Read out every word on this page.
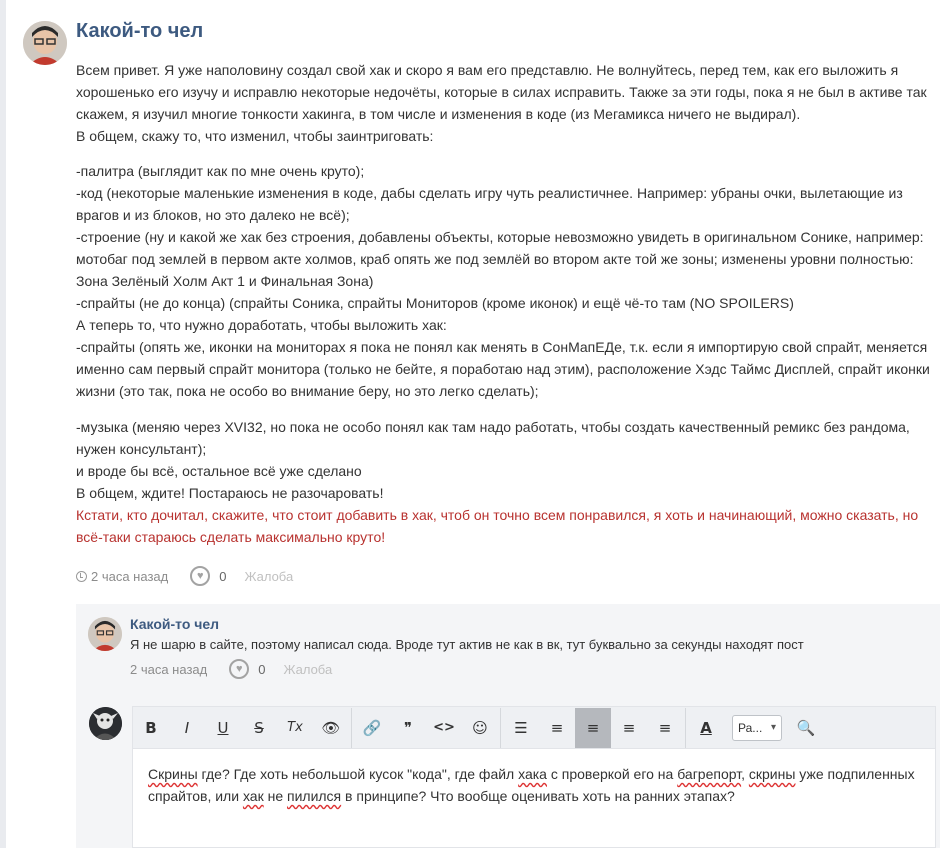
Какой-то чел

Всем привет. Я уже наполовину создал свой хак и скоро я вам его представлю. Не волнуйтесь, перед тем, как его выложить я хорошенько его изучу и исправлю некоторые недочёты, которые в силах исправить. Также за эти годы, пока я не был в активе так скажем, я изучил многие тонкости хакинга, в том числе и изменения в коде (из Мегамикса ничего не выдирал).

В общем, скажу то, что изменил, чтобы заинтриговать:

-палитра (выглядит как по мне очень круто);

-код (некоторые маленькие изменения в коде, дабы сделать игру чуть реалистичнее. Например: убраны очки, вылетающие из врагов и из блоков, но это далеко не всё);

-строение (ну и какой же хак без строения, добавлены объекты, которые невозможно увидеть в оригинальном Сонике, например: мотобаг под землей в первом акте холмов, краб опять же под землёй во втором акте той же зоны; изменены уровни полностью: Зона Зелёный Холм Акт 1 и Финальная Зона)

-спрайты (не до конца) (спрайты Соника, спрайты Мониторов (кроме иконок) и ещё чё-то там (NO SPOILERS)

А теперь то, что нужно доработать, чтобы выложить хак:

-спрайты (опять же, иконки на мониторах я пока не понял как менять в СонМапЕДе, т.к. если я импортирую свой спрайт, меняется именно сам первый спрайт монитора (только не бейте, я поработаю над этим), расположение Хэдс Таймс Дисплей, спрайт иконки жизни (это так, пока не особо во внимание беру, но это легко сделать);

-музыка (меняю через XVI32, но пока не особо понял как там надо работать, чтобы создать качественный ремикс без рандома, нужен консультант);

и вроде бы всё, остальное всё уже сделано

В общем, ждите! Постараюсь не разочаровать!

Кстати, кто дочитал, скажите, что стоит добавить в хак, чтоб он точно всем понравился, я хоть и начинающий, можно сказать, но всё-таки стараюсь сделать максимально круто!

2 часа назад	♥	0 Жалоба
Какой-то чел
Я не шарю в сайте, поэтому написал сюда. Вроде тут актив не как в вк, тут буквально за секунды находят пост
2 часа назад	♥	0 Жалоба
B	I	U	S	Tx	👁	🔗	❞	<>	☺	☰	≡	≡	≡	≡	A	Ра... ▾	🔍
Скрины где? Где хоть небольшой кусок "кода", где файл хака с проверкой его на багрепорт, скрины уже подпиленных спрайтов, или хак не пилился в принципе? Что вообще оценивать хоть на ранних этапах?
